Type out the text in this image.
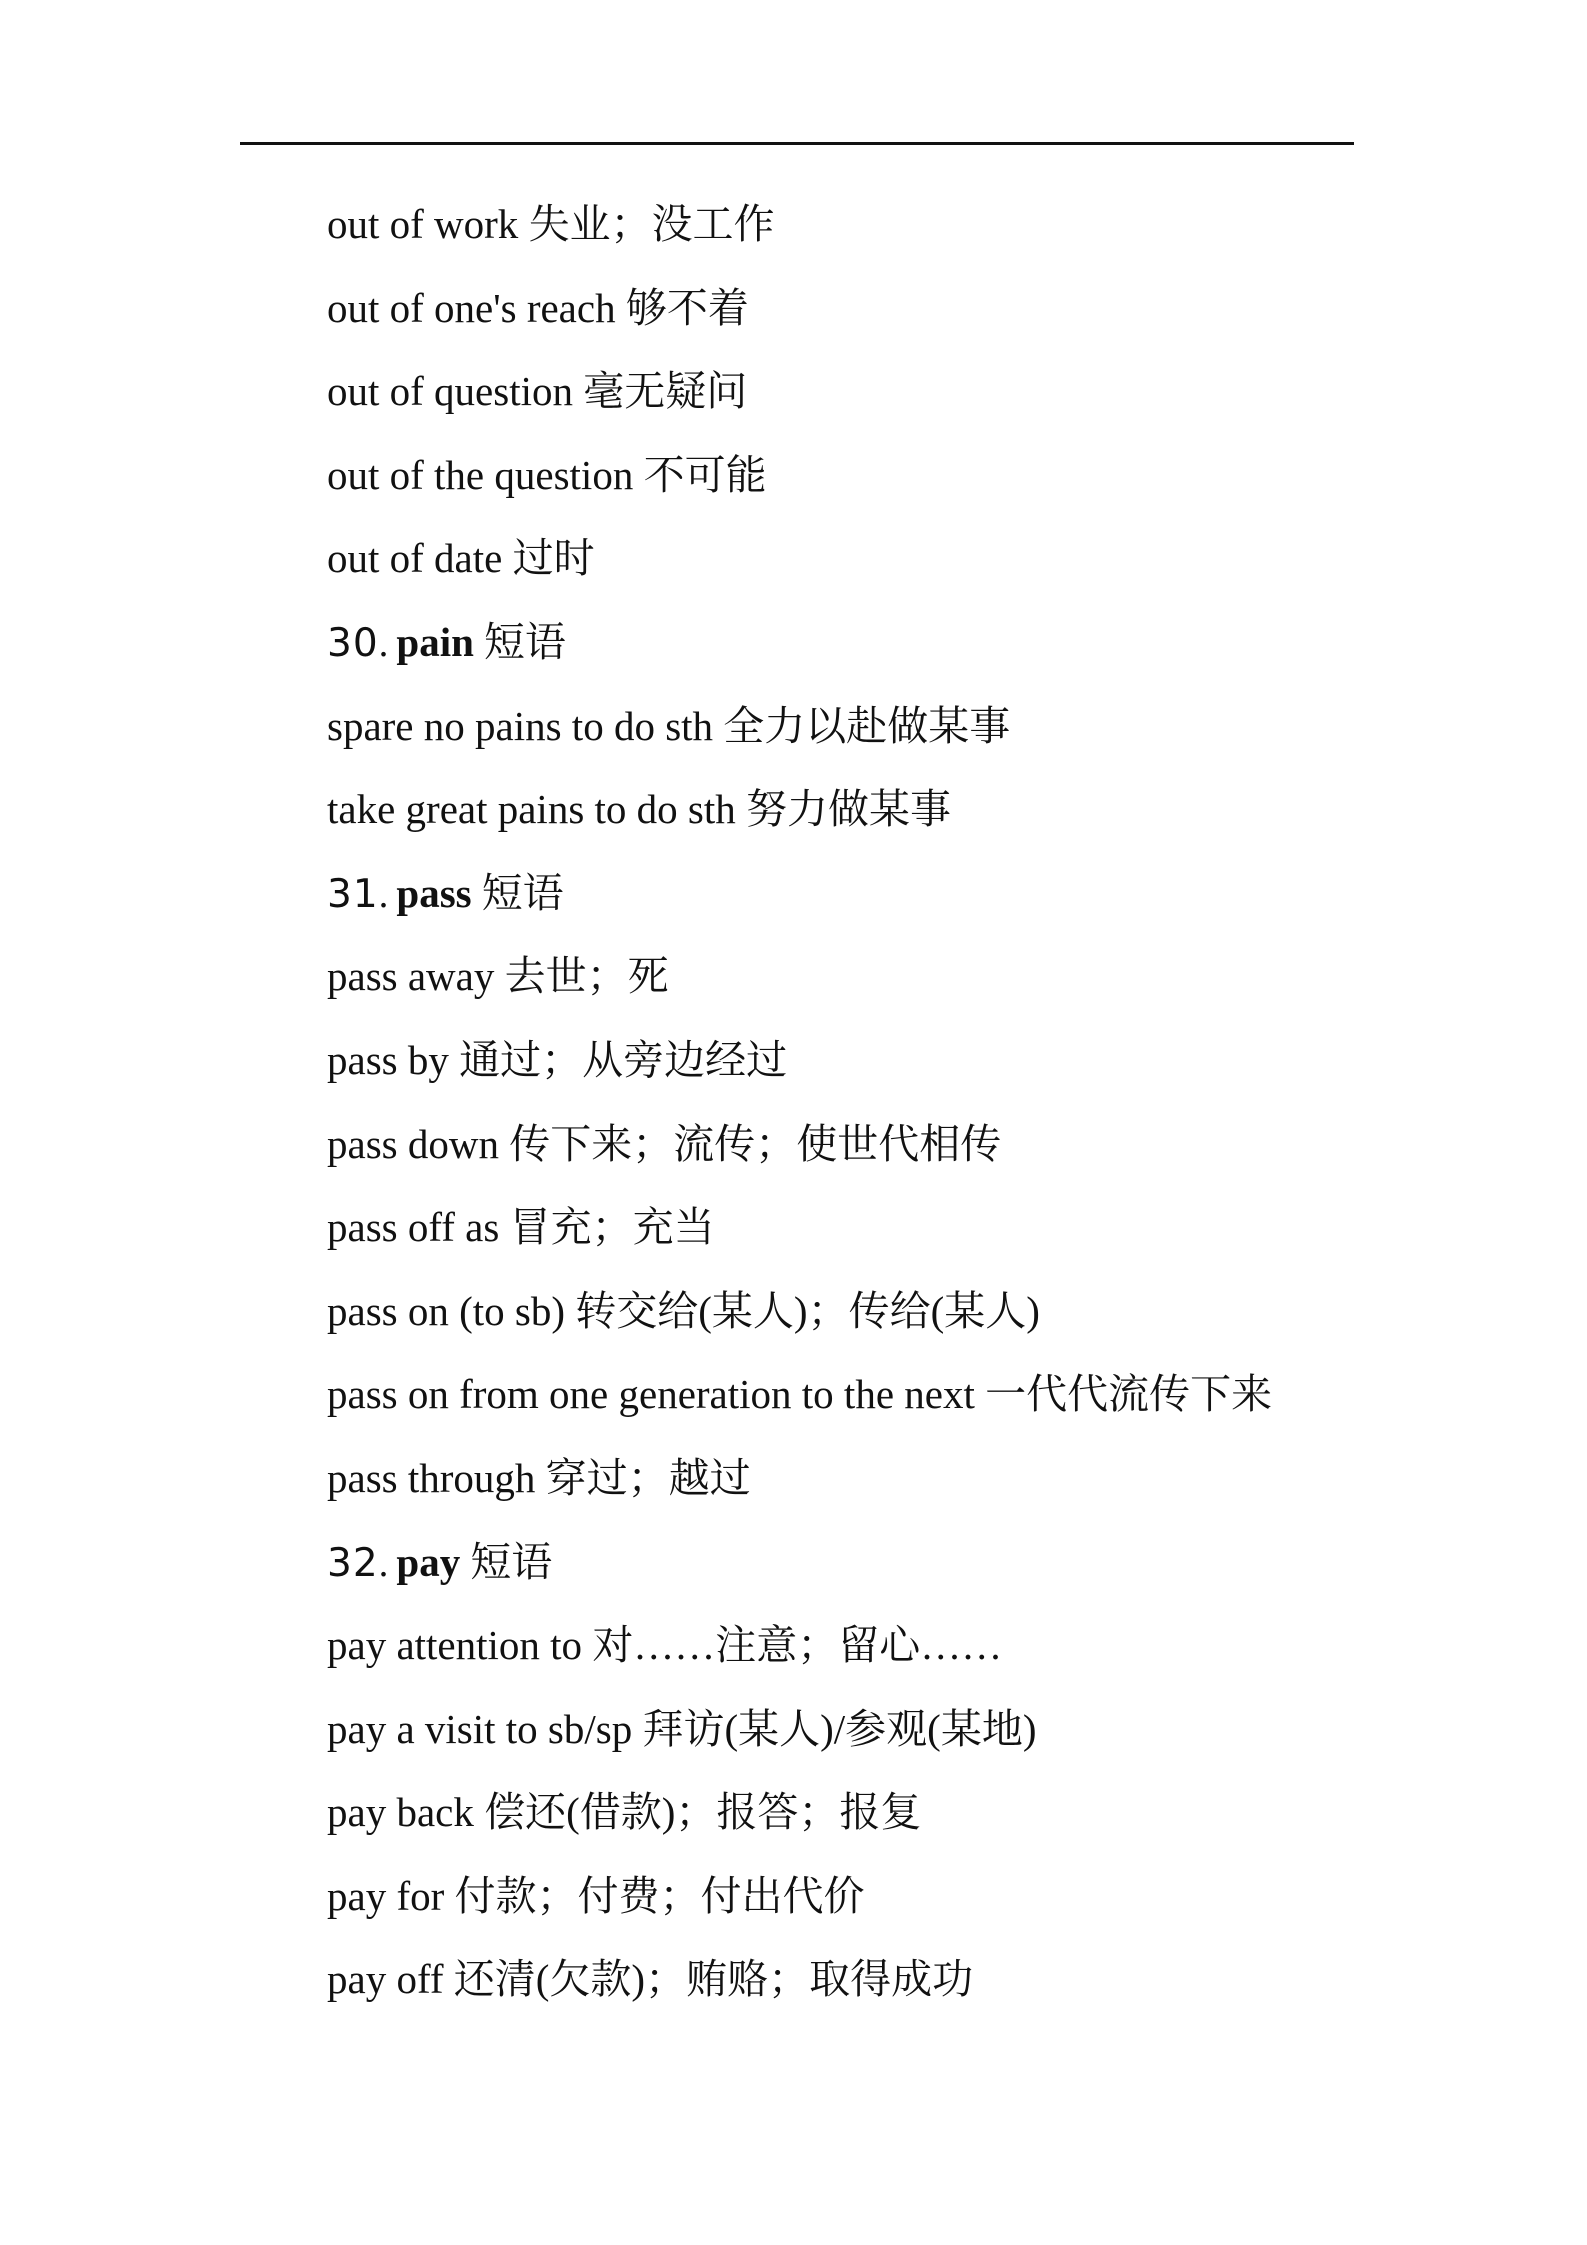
out of work 失业；没工作
out of one's reach 够不着
out of question 毫无疑问
out of the question 不可能
out of date 过时
30. pain 短语
spare no pains to do sth 全力以赴做某事
take great pains to do sth 努力做某事
31. pass 短语
pass away 去世；死
pass by 通过；从旁边经过
pass down 传下来；流传；使世代相传
pass off as 冒充；充当
pass on (to sb) 转交给(某人)；传给(某人)
pass on from one generation to the next 一代代流传下来
pass through 穿过；越过
32. pay 短语
pay attention to 对……注意；留心……
pay a visit to sb/sp 拜访(某人)/参观(某地)
pay back 偿还(借款)；报答；报复
pay for 付款；付费；付出代价
pay off 还清(欠款)；贿赂；取得成功
